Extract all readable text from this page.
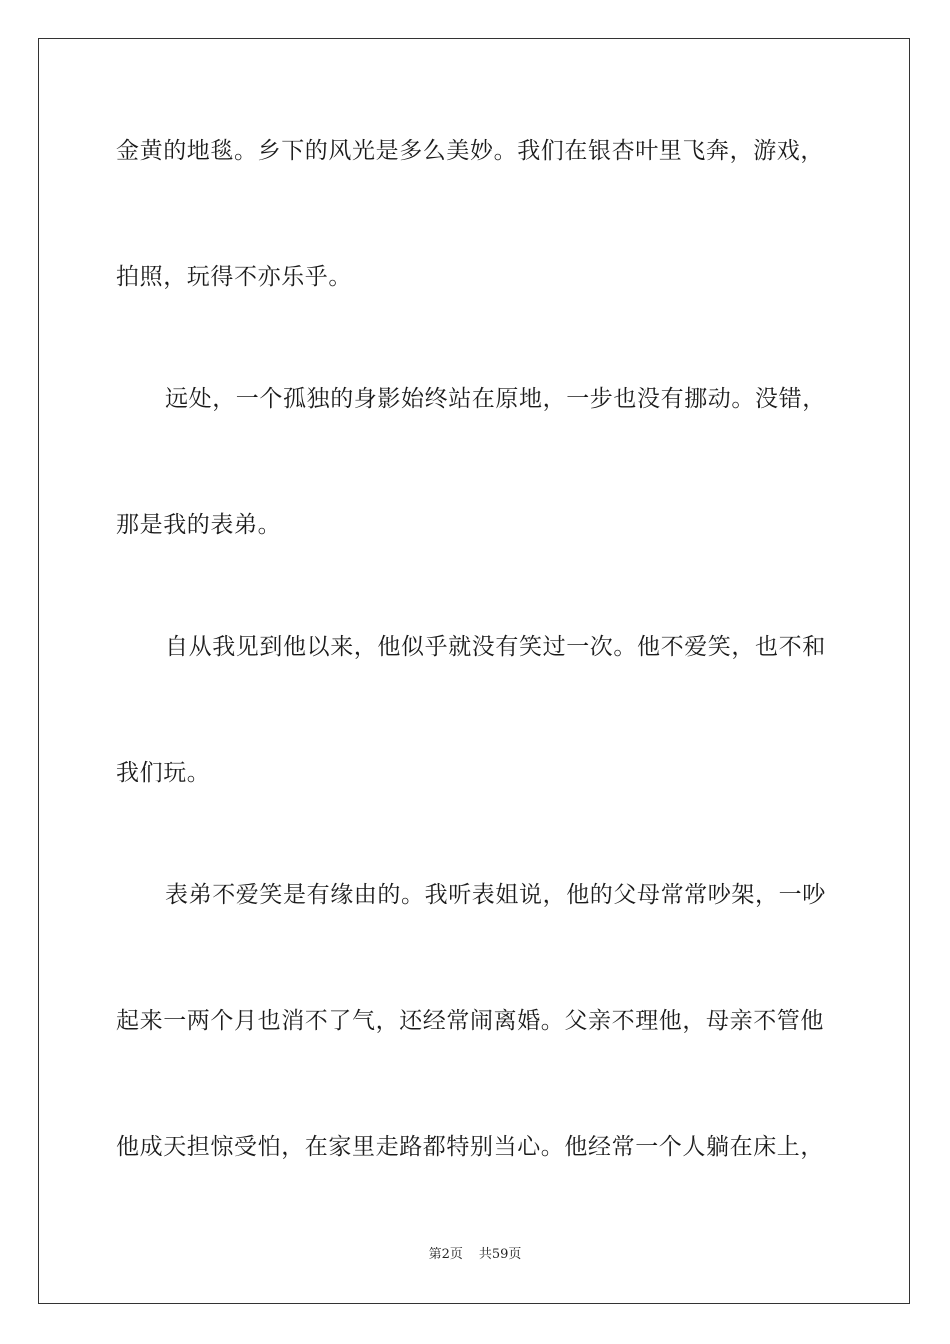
金黄的地毯。乡下的风光是多么美妙。我们在银杏叶里飞奔，游戏，
拍照，玩得不亦乐乎。
远处，一个孤独的身影始终站在原地，一步也没有挪动。没错，
那是我的表弟。
自从我见到他以来，他似乎就没有笑过一次。他不爱笑，也不和
我们玩。
表弟不爱笑是有缘由的。我听表姐说，他的父母常常吵架，一吵
起来一两个月也消不了气，还经常闹离婚。父亲不理他，母亲不管他
他成天担惊受怕，在家里走路都特别当心。他经常一个人躺在床上，
第2页 共59页
